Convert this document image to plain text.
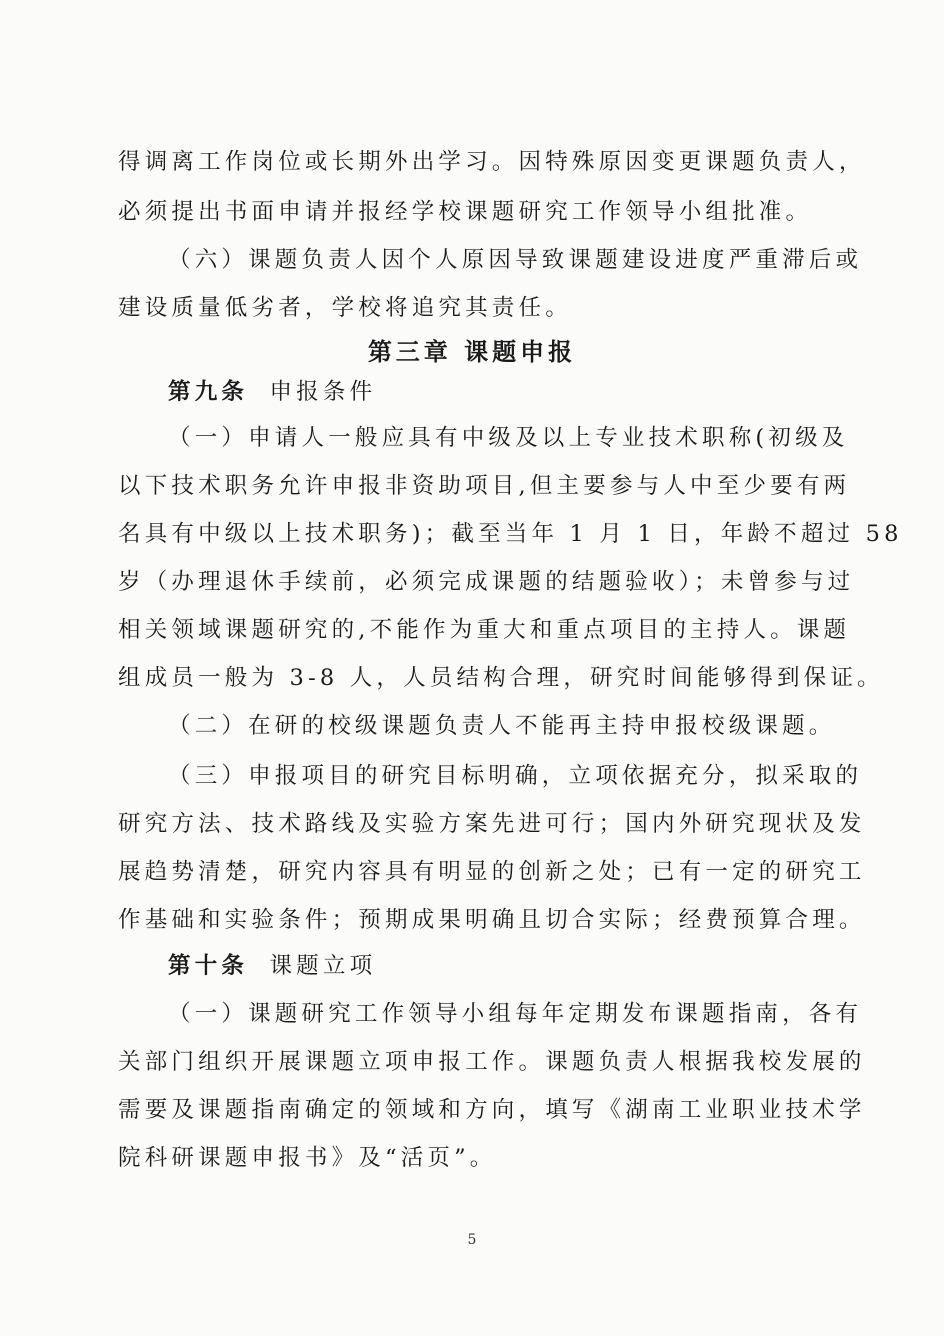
得调离工作岗位或长期外出学习。因特殊原因变更课题负责人，
必须提出书面申请并报经学校课题研究工作领导小组批准。
（六）课题负责人因个人原因导致课题建设进度严重滞后或
建设质量低劣者，学校将追究其责任。
第三章 课题申报
第九条 申报条件
（一）申请人一般应具有中级及以上专业技术职称(初级及
以下技术职务允许申报非资助项目,但主要参与人中至少要有两
名具有中级以上技术职务)；截至当年 1 月 1 日，年龄不超过 58
岁（办理退休手续前，必须完成课题的结题验收）；未曾参与过
相关领域课题研究的,不能作为重大和重点项目的主持人。课题
组成员一般为 3-8 人，人员结构合理，研究时间能够得到保证。
（二）在研的校级课题负责人不能再主持申报校级课题。
（三）申报项目的研究目标明确，立项依据充分，拟采取的
研究方法、技术路线及实验方案先进可行；国内外研究现状及发
展趋势清楚，研究内容具有明显的创新之处；已有一定的研究工
作基础和实验条件；预期成果明确且切合实际；经费预算合理。
第十条 课题立项
（一）课题研究工作领导小组每年定期发布课题指南，各有
关部门组织开展课题立项申报工作。课题负责人根据我校发展的
需要及课题指南确定的领域和方向，填写《湖南工业职业技术学
院科研课题申报书》及“活页”。
5
